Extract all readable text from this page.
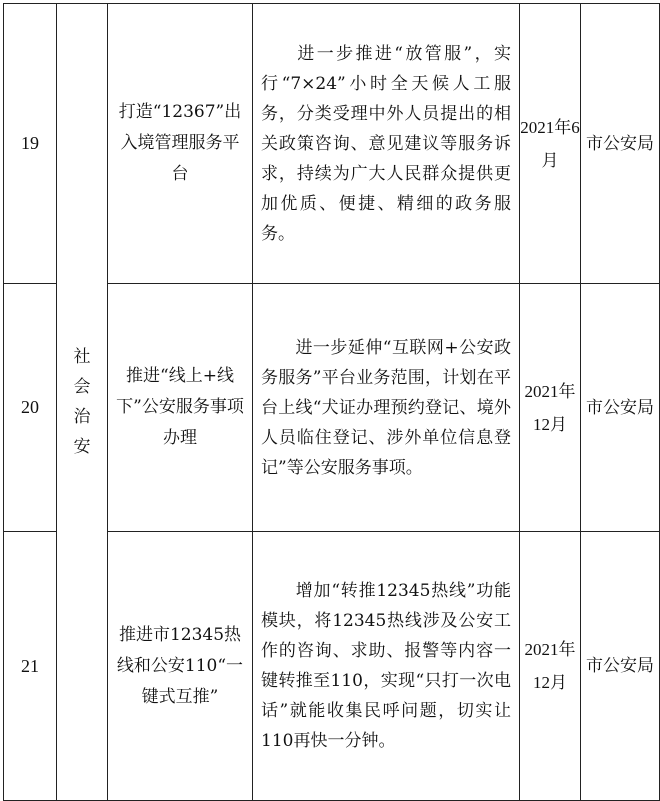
19	社会治安	打造“12367”出入境管理服务平台	进一步推进“放管服”，实行“7×24”小时全天候人工服务，分类受理中外人员提出的相关政策咨询、意见建议等服务诉求，持续为广大人民群众提供更加优质、便捷、精细的政务服务。	2021年6月	市公安局
20		推进“线上+线下”公安服务事项办理	进一步延伸“互联网+公安政务服务”平台业务范围，计划在平台上线“犬证办理预约登记、境外人员临住登记、涉外单位信息登记”等公安服务事项。	2021年12月	市公安局
21		推进市12345热线和公安110“一键式互推”	增加“转推12345热线”功能模块，将12345热线涉及公安工作的咨询、求助、报警等内容一键转推至110，实现“只打一次电话”就能收集民呼问题，切实让110再快一分钟。	2021年12月	市公安局
